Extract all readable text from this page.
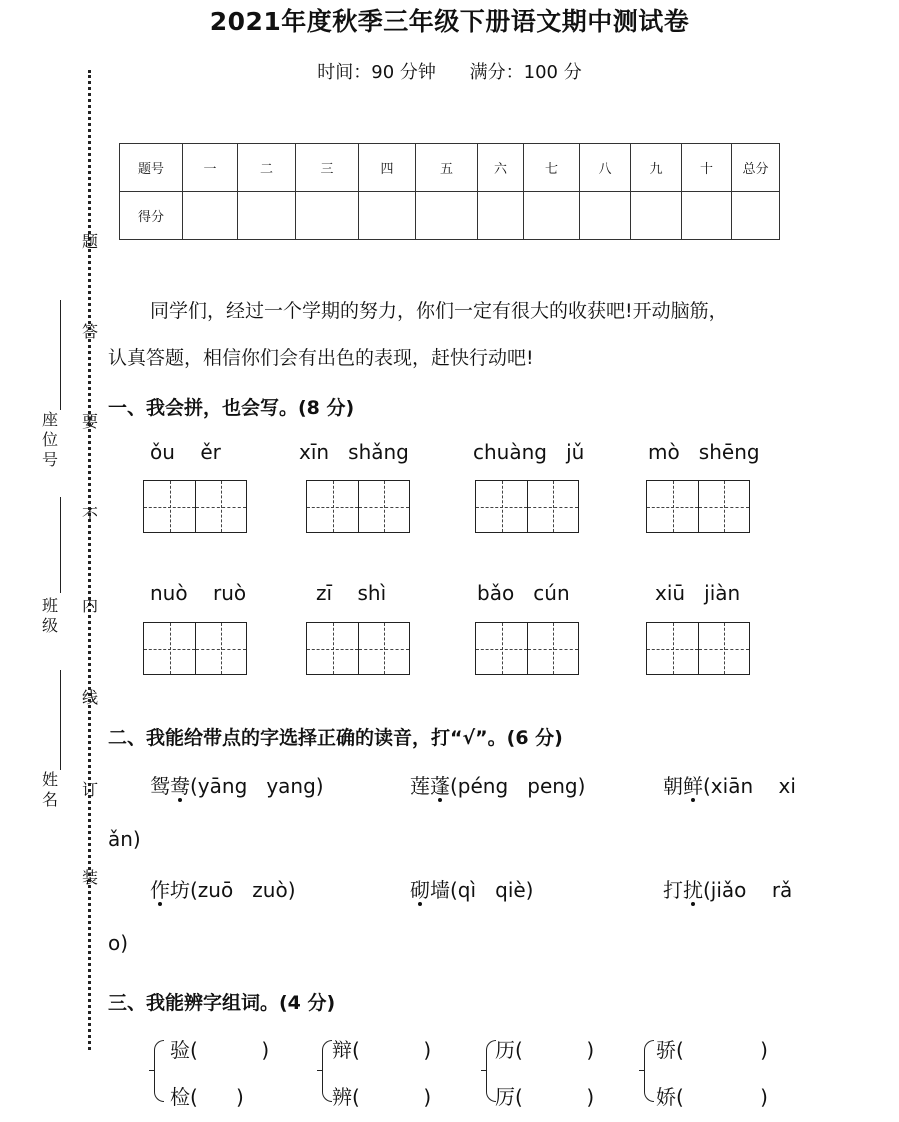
2021年度秋季三年级下册语文期中测试卷
时间：90 分钟 满分：100 分
题
答
要
不
内
线
订
装
座位号
班级
姓名
题号	一	二	三	四	五	六	七	八	九	十	总分
得分											
同学们，经过一个学期的努力，你们一定有很大的收获吧!开动脑筋，
认真答题，相信你们会有出色的表现，赶快行动吧!
一、我会拼，也会写。(8 分)
ǒu ěr	xīn shǎng	chuàng jǔ	mò shēng
nuò ruò	zī shì	bǎo cún	xiū jiàn
二、我能给带点的字选择正确的读音，打“√”。(6 分)
鸳鸯(yāng   yang)	莲蓬(péng   peng)	朝鲜(xiān    xi
ǎn)
作坊(zuō   zuò)	砌墙(qì   qiè)	打扰(jiǎo    rǎ
o)
三、我能辨字组词。(4 分)
验(          )
检(      )
辩(          )
辨(          )
历(          )
厉(          )
骄(            )
娇(            )
